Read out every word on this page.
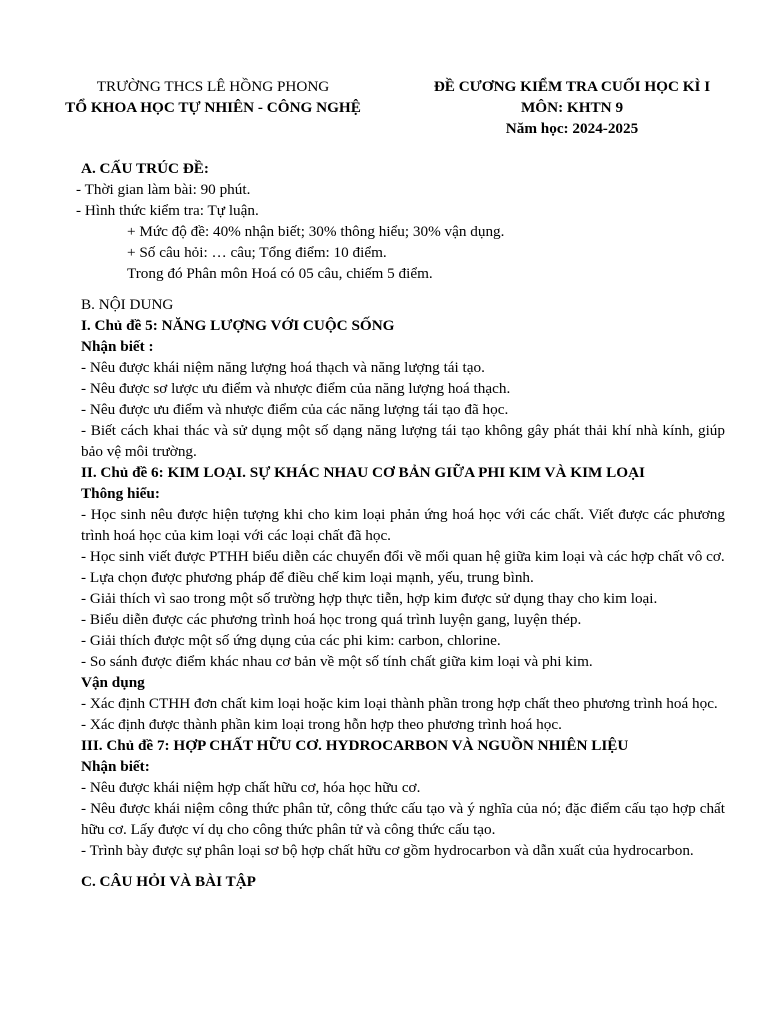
TRƯỜNG THCS LÊ HỒNG PHONG
TỔ KHOA HỌC TỰ NHIÊN - CÔNG NGHỆ
ĐỀ CƯƠNG KIỂM TRA CUỐI HỌC KÌ I
MÔN: KHTN 9
Năm học: 2024-2025
A. CẤU TRÚC ĐỀ:
- Thời gian làm bài: 90 phút.
- Hình thức kiểm tra: Tự luận.
+ Mức độ đề: 40% nhận biết; 30% thông hiểu; 30% vận dụng.
+ Số câu hỏi: … câu; Tổng điểm: 10 điểm.
Trong đó Phân môn Hoá có 05 câu, chiếm 5 điểm.
B. NỘI DUNG
I. Chủ đề 5: NĂNG LƯỢNG VỚI CUỘC SỐNG
Nhận biết :
- Nêu được khái niệm năng lượng hoá thạch và năng lượng tái tạo.
- Nêu được sơ lược ưu điểm và nhược điểm của năng lượng hoá thạch.
- Nêu được ưu điểm và nhược điểm của các năng lượng tái tạo đã học.
- Biết cách khai thác và sử dụng một số dạng năng lượng tái tạo không gây phát thải khí nhà kính, giúp bảo vệ môi trường.
II. Chủ đề 6: KIM LOẠI. SỰ KHÁC NHAU CƠ BẢN GIỮA PHI KIM VÀ KIM LOẠI
Thông hiểu:
- Học sinh nêu được hiện tượng khi cho kim loại phản ứng hoá học với các chất. Viết được các phương trình hoá học của kim loại với các loại chất đã học.
- Học sinh viết được PTHH biểu diễn các chuyển đổi về mối quan hệ giữa kim loại và các hợp chất vô cơ.
- Lựa chọn được phương pháp để điều chế kim loại mạnh, yếu, trung bình.
- Giải thích vì sao trong một số trường hợp thực tiễn, hợp kim được sử dụng thay cho kim loại.
- Biểu diễn được các phương trình hoá học trong quá trình luyện gang, luyện thép.
- Giải thích được một số ứng dụng của các phi kim: carbon, chlorine.
- So sánh được điểm khác nhau cơ bản về một số tính chất giữa kim loại và phi kim.
Vận dụng
- Xác định CTHH đơn chất kim loại hoặc kim loại thành phần trong hợp chất theo phương trình hoá học.
- Xác định được thành phần kim loại trong hỗn hợp theo phương trình hoá học.
III. Chủ đề 7: HỢP CHẤT HỮU CƠ. HYDROCARBON VÀ NGUỒN NHIÊN LIỆU
Nhận biết:
- Nêu được khái niệm hợp chất hữu cơ, hóa học hữu cơ.
- Nêu được khái niệm công thức phân tử, công thức cấu tạo và ý nghĩa của nó; đặc điểm cấu tạo hợp chất hữu cơ. Lấy được ví dụ cho công thức phân tử và công thức cấu tạo.
- Trình bày được sự phân loại sơ bộ hợp chất hữu cơ gồm hydrocarbon và dẫn xuất của hydrocarbon.
C. CÂU HỎI VÀ BÀI TẬP
